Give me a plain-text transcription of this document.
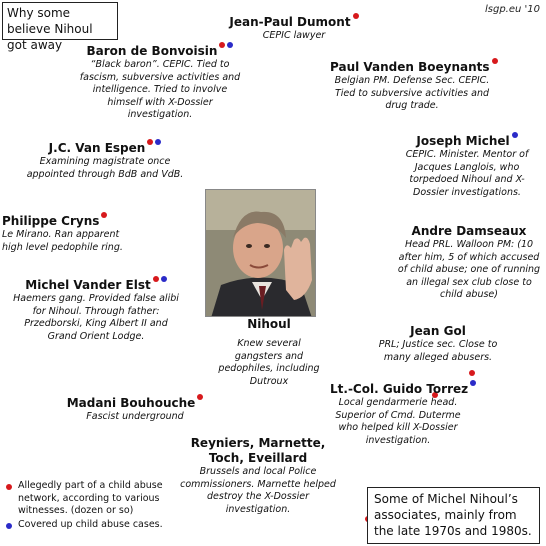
Why some believe Nihoul got away
lsgp.eu '10
Jean-Paul Dumont
CEPIC lawyer
Baron de Bonvoisin
“Black baron”. CEPIC. Tied to fascism, subversive activities and intelligence. Tried to involve himself with X-Dossier investigation.
Paul Vanden Boeynants
Belgian PM. Defense Sec. CEPIC. Tied to subversive activities and drug trade.
J.C. Van Espen
Examining magistrate once appointed through BdB and VdB.
Joseph Michel
CEPIC. Minister. Mentor of Jacques Langlois, who torpedoed Nihoul and X-Dossier investigations.
Philippe Cryns
Le Mirano. Ran apparent high level pedophile ring.
Andre Damseaux
Head PRL. Walloon PM: (10 after him, 5 of which accused of child abuse; one of running an illegal sex club close to child abuse)
Michel Vander Elst
Haemers gang. Provided false alibi for Nihoul. Through father: Przedborski, King Albert II and Grand Orient Lodge.
Nihoul
Knew several gangsters and pedophiles, including Dutroux
Jean Gol
PRL; Justice sec. Close to many alleged abusers.
Lt.-Col. Guido Torrez
Local gendarmerie head. Superior of Cmd. Duterme who helped kill X-Dossier investigation.
Madani Bouhouche
Fascist underground
Reyniers, Marnette, Toch, Eveillard
Brussels and local Police commissioners. Marnette helped destroy the X-Dossier investigation.

Allegedly part of a child abuse network, according to various witnesses. (dozen or so)
Covered up child abuse cases.
Some of Michel Nihoul’s associates, mainly from the late 1970s and 1980s.
